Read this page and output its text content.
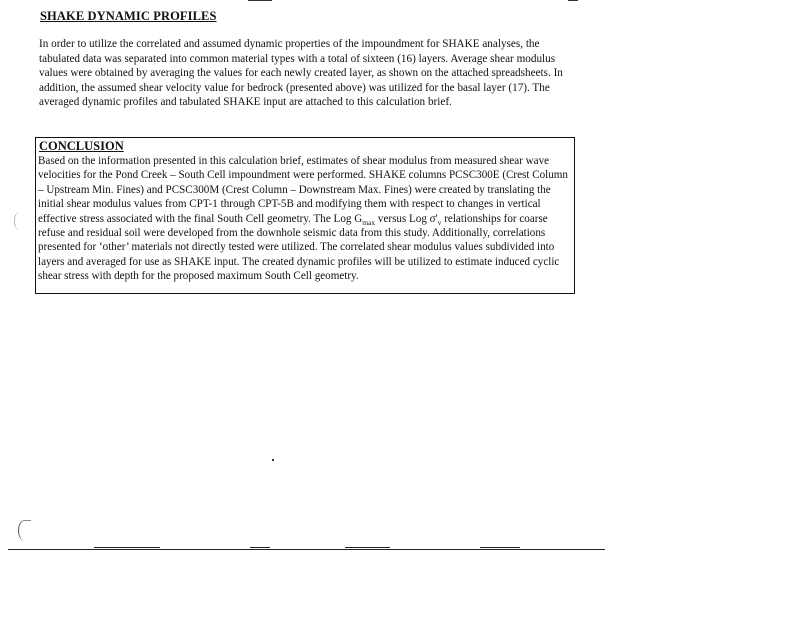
SHAKE DYNAMIC PROFILES

In order to utilize the correlated and assumed dynamic properties of the impoundment for SHAKE analyses, the tabulated data was separated into common material types with a total of sixteen (16) layers. Average shear modulus values were obtained by averaging the values for each newly created layer, as shown on the attached spreadsheets. In addition, the assumed shear velocity value for bedrock (presented above) was utilized for the basal layer (17). The averaged dynamic profiles and tabulated SHAKE input are attached to this calculation brief.

CONCLUSION

Based on the information presented in this calculation brief, estimates of shear modulus from measured shear wave velocities for the Pond Creek – South Cell impoundment were performed. SHAKE columns PCSC300E (Crest Column – Upstream Min. Fines) and PCSC300M (Crest Column – Downstream Max. Fines) were created by translating the initial shear modulus values from CPT-1 through CPT-5B and modifying them with respect to changes in vertical effective stress associated with the final South Cell geometry. The Log $G_{max}$ versus Log $\sigma'_v$ relationships for coarse refuse and residual soil were developed from the downhole seismic data from this study. Additionally, correlations presented for ‘other’ materials not directly tested were utilized. The correlated shear modulus values subdivided into layers and averaged for use as SHAKE input. The created dynamic profiles will be utilized to estimate induced cyclic shear stress with depth for the proposed maximum South Cell geometry.
